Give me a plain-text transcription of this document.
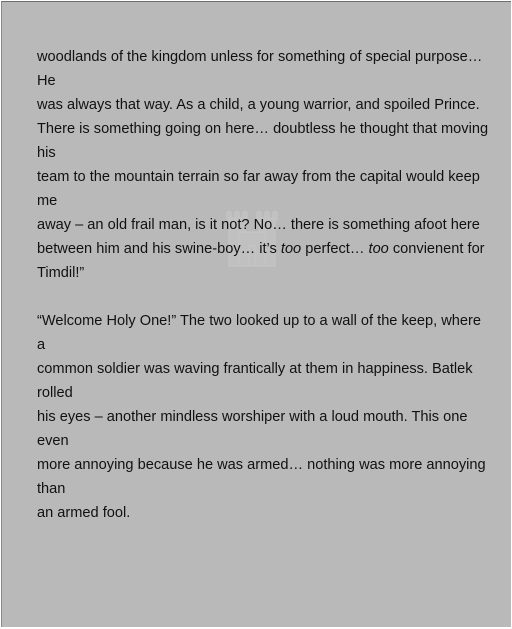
woodlands of the kingdom unless for something of special purpose… He
was always that way. As a child, a young warrior, and spoiled Prince.
There is something going on here… doubtless he thought that moving his
team to the mountain terrain so far away from the capital would keep me
away – an old frail man, is it not? No… there is something afoot here
between him and his swine-boy… it’s too perfect… too convienent for
Timdil!”

“Welcome Holy One!” The two looked up to a wall of the keep, where a
common soldier was waving frantically at them in happiness. Batlek rolled
his eyes – another mindless worshiper with a loud mouth. This one even
more annoying because he was armed… nothing was more annoying than
an armed fool.
